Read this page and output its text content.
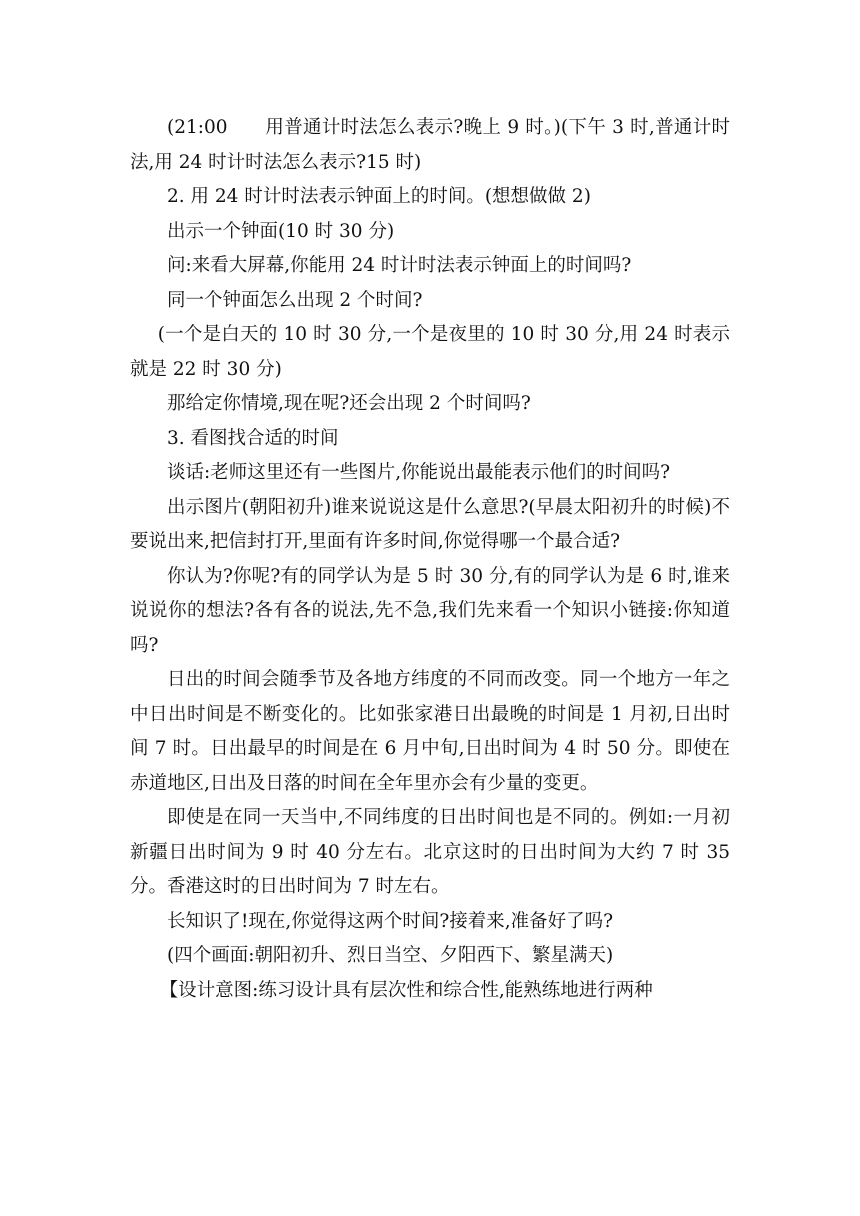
(21:00　　用普通计时法怎么表示?晚上 9 时。)(下午 3 时,普通计时法,用 24 时计时法怎么表示?15 时)

2. 用 24 时计时法表示钟面上的时间。(想想做做 2)

出示一个钟面(10 时 30 分)

问:来看大屏幕,你能用 24 时计时法表示钟面上的时间吗?

同一个钟面怎么出现 2 个时间?

(一个是白天的 10 时 30 分,一个是夜里的 10 时 30 分,用 24 时表示就是 22 时 30 分)

那给定你情境,现在呢?还会出现 2 个时间吗?

3. 看图找合适的时间

谈话:老师这里还有一些图片,你能说出最能表示他们的时间吗?

出示图片(朝阳初升)谁来说说这是什么意思?(早晨太阳初升的时候)不要说出来,把信封打开,里面有许多时间,你觉得哪一个最合适?

你认为?你呢?有的同学认为是 5 时 30 分,有的同学认为是 6 时,谁来说说你的想法?各有各的说法,先不急,我们先来看一个知识小链接:你知道吗?

日出的时间会随季节及各地方纬度的不同而改变。同一个地方一年之中日出时间是不断变化的。比如张家港日出最晚的时间是 1 月初,日出时间 7 时。日出最早的时间是在 6 月中旬,日出时间为 4 时 50 分。即使在赤道地区,日出及日落的时间在全年里亦会有少量的变更。

即使是在同一天当中,不同纬度的日出时间也是不同的。例如:一月初新疆日出时间为 9 时 40 分左右。北京这时的日出时间为大约 7 时 35 分。香港这时的日出时间为 7 时左右。

长知识了!现在,你觉得这两个时间?接着来,准备好了吗?

(四个画面:朝阳初升、烈日当空、夕阳西下、繁星满天)

【设计意图:练习设计具有层次性和综合性,能熟练地进行两种
